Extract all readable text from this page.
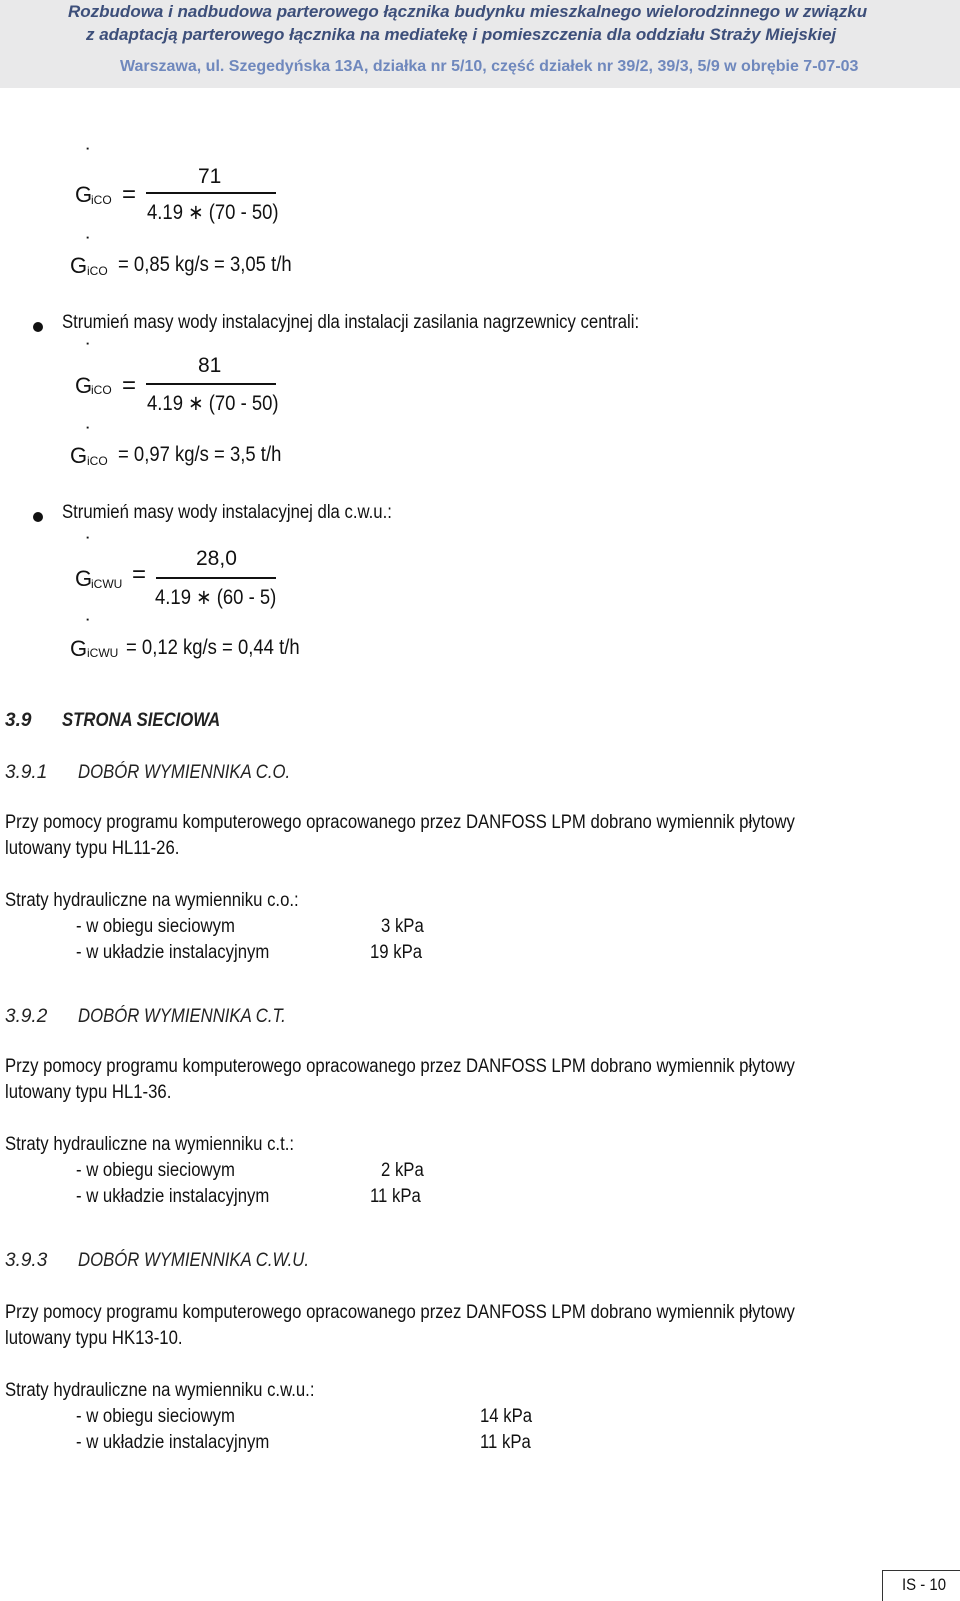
Rozbudowa i nadbudowa parterowego łącznika budynku mieszkalnego wielorodzinnego w związku
z adaptacją parterowego łącznika na mediatekę i pomieszczenia dla oddziału Straży Miejskiej
Warszawa, ul. Szegedyńska 13A, działka nr 5/10, część działek nr 39/2, 39/3, 5/9 w obrębie 7-07-03
˙
G
iCO =
71
4.19 ∗ (70 - 50)
˙
G iCO = 0,85 kg/s = 3,05 t/h
Strumień masy wody instalacyjnej dla instalacji zasilania nagrzewnicy centrali:
˙
G
iCO =
81
4.19 ∗ (70 - 50)
˙
G iCO = 0,97 kg/s = 3,5 t/h
Strumień masy wody instalacyjnej dla c.w.u.:
˙
G
iCWU =
28,0
4.19 ∗ (60 - 5)
˙
G iCWU = 0,12 kg/s = 0,44 t/h
3.9 STRONA SIECIOWA
3.9.1 DOBÓR WYMIENNIKA C.O.
Przy pomocy programu komputerowego opracowanego przez DANFOSS LPM dobrano wymiennik płytowy
lutowany typu HL11-26.
Straty hydrauliczne na wymienniku c.o.:
- w obiegu sieciowym	3 kPa
- w układzie instalacyjnym	19 kPa
3.9.2 DOBÓR WYMIENNIKA C.T.
Przy pomocy programu komputerowego opracowanego przez DANFOSS LPM dobrano wymiennik płytowy
lutowany typu HL1-36.
Straty hydrauliczne na wymienniku c.t.:
- w obiegu sieciowym	2 kPa
- w układzie instalacyjnym	11 kPa
3.9.3 DOBÓR WYMIENNIKA C.W.U.
Przy pomocy programu komputerowego opracowanego przez DANFOSS LPM dobrano wymiennik płytowy
lutowany typu HK13-10.
Straty hydrauliczne na wymienniku c.w.u.:
- w obiegu sieciowym	14 kPa
- w układzie instalacyjnym	11 kPa
IS - 10
